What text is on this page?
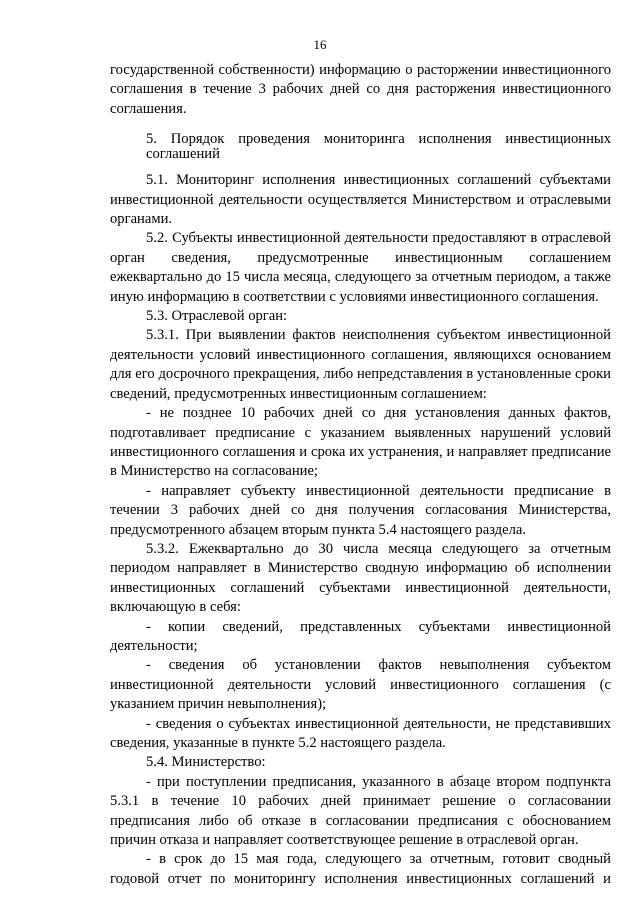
16

государственной собственности) информацию о расторжении инвестиционного соглашения в течение 3 рабочих дней со дня расторжения инвестиционного соглашения.

5. Порядок проведения мониторинга исполнения инвестиционных соглашений

5.1. Мониторинг исполнения инвестиционных соглашений субъектами инвестиционной деятельности осуществляется Министерством и отраслевыми органами.

5.2. Субъекты инвестиционной деятельности предоставляют в отраслевой орган сведения, предусмотренные инвестиционным соглашением ежеквартально до 15 числа месяца, следующего за отчетным периодом, а также иную информацию в соответствии с условиями инвестиционного соглашения.

5.3. Отраслевой орган:

5.3.1. При выявлении фактов неисполнения субъектом инвестиционной деятельности условий инвестиционного соглашения, являющихся основанием для его досрочного прекращения, либо непредставления в установленные сроки сведений, предусмотренных инвестиционным соглашением:

- не позднее 10 рабочих дней со дня установления данных фактов, подготавливает предписание с указанием выявленных нарушений условий инвестиционного соглашения и срока их устранения, и направляет предписание в Министерство на согласование;

- направляет субъекту инвестиционной деятельности предписание в течении 3 рабочих дней со дня получения согласования Министерства, предусмотренного абзацем вторым пункта 5.4 настоящего раздела.

5.3.2. Ежеквартально до 30 числа месяца следующего за отчетным периодом направляет в Министерство сводную информацию об исполнении инвестиционных соглашений субъектами инвестиционной деятельности, включающую в себя:

- копии сведений, представленных субъектами инвестиционной деятельности;

- сведения об установлении фактов невыполнения субъектом инвестиционной деятельности условий инвестиционного соглашения (с указанием причин невыполнения);

- сведения о субъектах инвестиционной деятельности, не представивших сведения, указанные в пункте 5.2 настоящего раздела.

5.4. Министерство:

- при поступлении предписания, указанного в абзаце втором подпункта 5.3.1 в течение 10 рабочих дней принимает решение о согласовании предписания либо об отказе в согласовании предписания с обоснованием причин отказа и направляет соответствующее решение в отраслевой орган.

- в срок до 15 мая года, следующего за отчетным, готовит сводный годовой отчет по мониторингу исполнения инвестиционных соглашений и
